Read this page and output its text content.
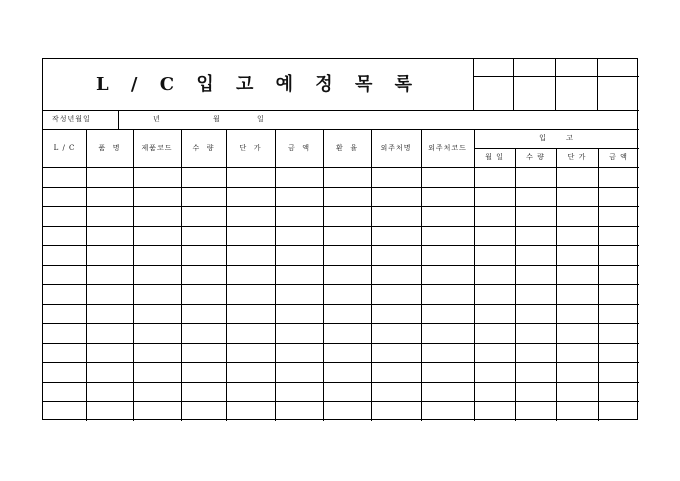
L / C 입 고 예 정 목 록
작성년월일	년	월	일
L / C	품  명	제품코드	수  량	단  가	금  액	환  율	외주처명	외주처코드
입      고
월 일	수 량	단 가	금 액
